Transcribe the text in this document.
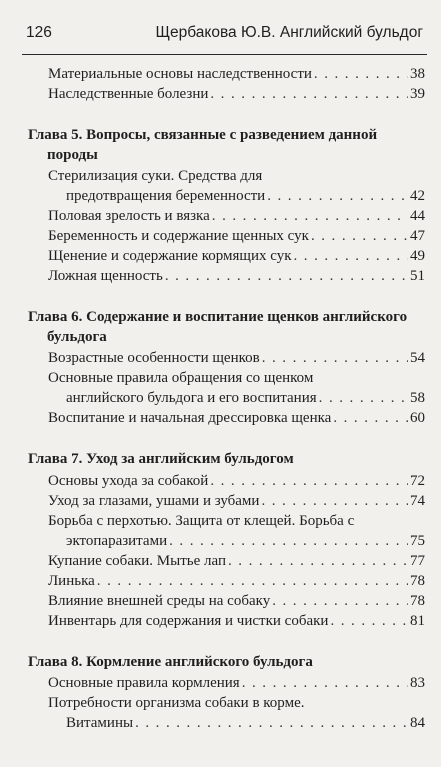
126	Щербакова Ю.В. Английский бульдог
Материальные основы наследственности . . .	38
Наследственные болезни . . .	39
Глава 5. Вопросы, связанные с разведением данной породы
Стерилизация суки. Средства для
предотвращения беременности . . .	42
Половая зрелость и вязка . . .	44
Беременность и содержание щенных сук . . .	47
Щенение и содержание кормящих сук . . .	49
Ложная щенность . . .	51
Глава 6. Содержание и воспитание щенков английского бульдога
Возрастные особенности щенков . . .	54
Основные правила обращения со щенком
английского бульдога и его воспитания . . .	58
Воспитание и начальная дрессировка щенка . . .	60
Глава 7. Уход за английским бульдогом
Основы ухода за собакой . . .	72
Уход за глазами, ушами и зубами . . .	74
Борьба с перхотью. Защита от клещей. Борьба с
эктопаразитами . . .	75
Купание собаки. Мытье лап . . .	77
Линька . . .	78
Влияние внешней среды на собаку . . .	78
Инвентарь для содержания и чистки собаки . . .	81
Глава 8. Кормление английского бульдога
Основные правила кормления . . .	83
Потребности организма собаки в корме.
Витамины . . .	84
